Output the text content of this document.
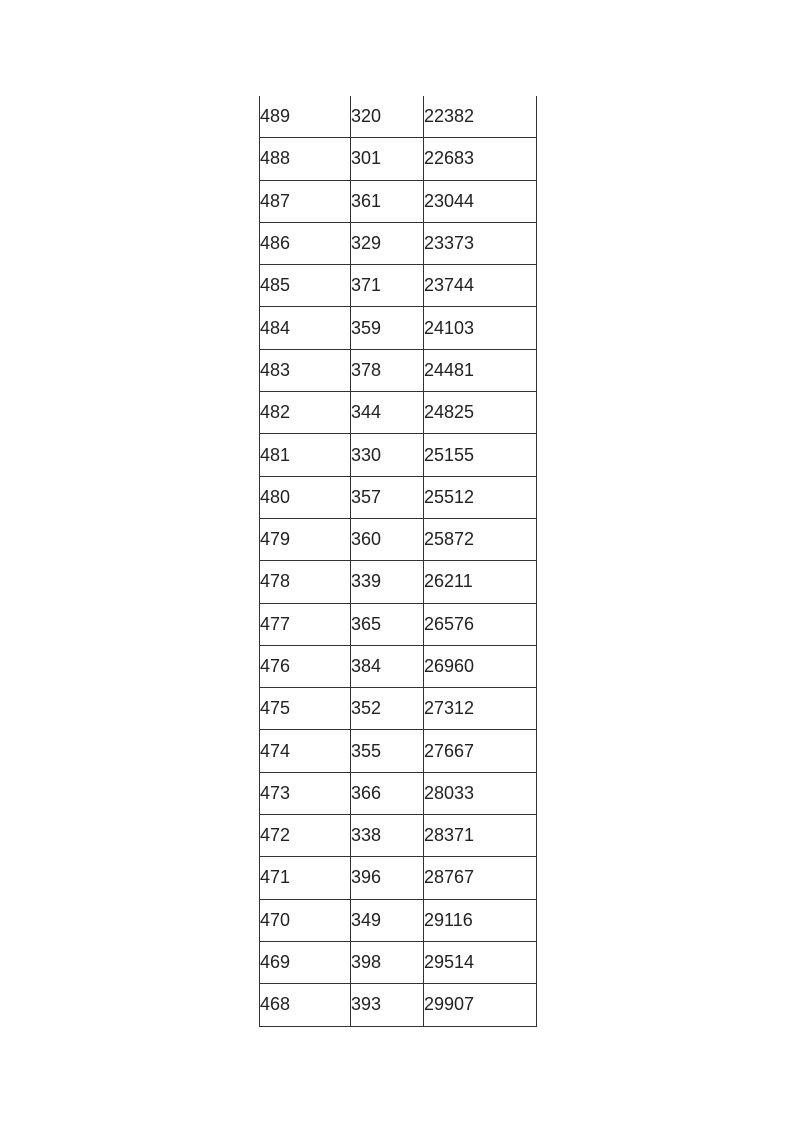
489	320	22382
488	301	22683
487	361	23044
486	329	23373
485	371	23744
484	359	24103
483	378	24481
482	344	24825
481	330	25155
480	357	25512
479	360	25872
478	339	26211
477	365	26576
476	384	26960
475	352	27312
474	355	27667
473	366	28033
472	338	28371
471	396	28767
470	349	29116
469	398	29514
468	393	29907
